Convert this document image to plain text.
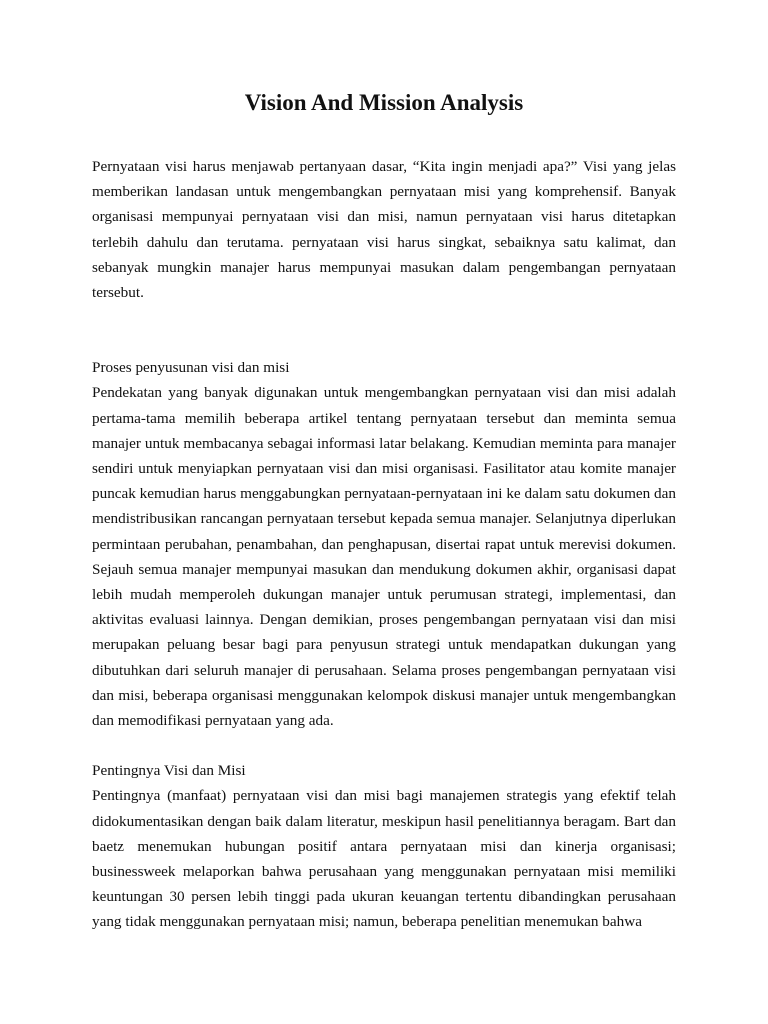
Vision And Mission Analysis

Pernyataan visi harus menjawab pertanyaan dasar, “Kita ingin menjadi apa?” Visi yang jelas memberikan landasan untuk mengembangkan pernyataan misi yang komprehensif. Banyak organisasi mempunyai pernyataan visi dan misi, namun pernyataan visi harus ditetapkan terlebih dahulu dan terutama. pernyataan visi harus singkat, sebaiknya satu kalimat, dan sebanyak mungkin manajer harus mempunyai masukan dalam pengembangan pernyataan tersebut.

Proses penyusunan visi dan misi

Pendekatan yang banyak digunakan untuk mengembangkan pernyataan visi dan misi adalah pertama-tama memilih beberapa artikel tentang pernyataan tersebut dan meminta semua manajer untuk membacanya sebagai informasi latar belakang. Kemudian meminta para manajer sendiri untuk menyiapkan pernyataan visi dan misi organisasi. Fasilitator atau komite manajer puncak kemudian harus menggabungkan pernyataan-pernyataan ini ke dalam satu dokumen dan mendistribusikan rancangan pernyataan tersebut kepada semua manajer. Selanjutnya diperlukan permintaan perubahan, penambahan, dan penghapusan, disertai rapat untuk merevisi dokumen. Sejauh semua manajer mempunyai masukan dan mendukung dokumen akhir, organisasi dapat lebih mudah memperoleh dukungan manajer untuk perumusan strategi, implementasi, dan aktivitas evaluasi lainnya. Dengan demikian, proses pengembangan pernyataan visi dan misi merupakan peluang besar bagi para penyusun strategi untuk mendapatkan dukungan yang dibutuhkan dari seluruh manajer di perusahaan. Selama proses pengembangan pernyataan visi dan misi, beberapa organisasi menggunakan kelompok diskusi manajer untuk mengembangkan dan memodifikasi pernyataan yang ada.

Pentingnya Visi dan Misi

Pentingnya (manfaat) pernyataan visi dan misi bagi manajemen strategis yang efektif telah didokumentasikan dengan baik dalam literatur, meskipun hasil penelitiannya beragam. Bart dan baetz menemukan hubungan positif antara pernyataan misi dan kinerja organisasi; businessweek melaporkan bahwa perusahaan yang menggunakan pernyataan misi memiliki keuntungan 30 persen lebih tinggi pada ukuran keuangan tertentu dibandingkan perusahaan yang tidak menggunakan pernyataan misi; namun, beberapa penelitian menemukan bahwa
